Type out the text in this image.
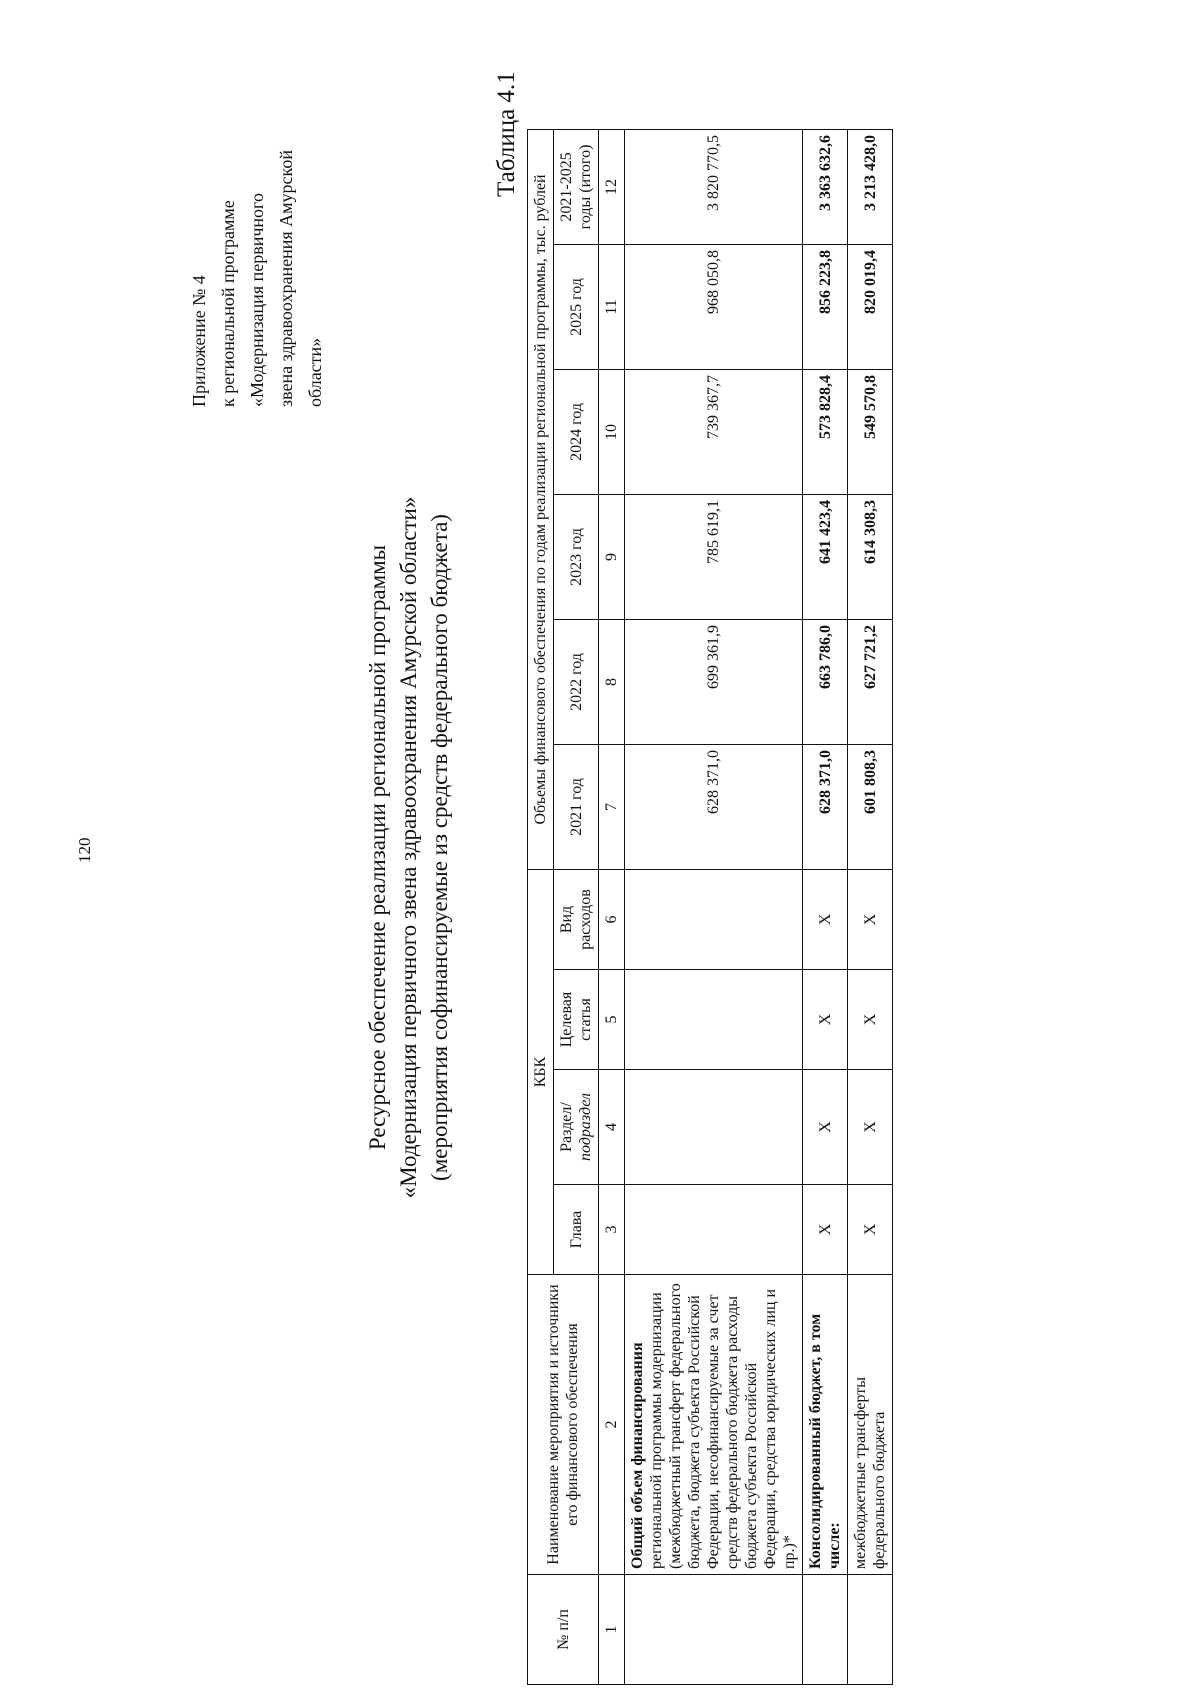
120
Приложение № 4 к региональной программе «Модернизация первичного звена здравоохранения Амурской области»
Ресурсное обеспечение реализации региональной программы «Модернизация первичного звена здравоохранения Амурской области» (мероприятия софинансируемые из средств федерального бюджета)
Таблица 4.1
№ п/п	Наименование мероприятия и источники его финансового обеспечения	КБК				Объемы финансового обеспечения по годам реализации региональной программы, тыс. рублей					
		Глава	Раздел/ подраздел	Целевая статья	Вид расходов	2021 год	2022 год	2023 год	2024 год	2025 год	2021-2025 годы (итого)
1	2	3	4	5	6	7	8	9	10	11	12

	Общий объем финансирования региональной программы модернизации (межбюджетный трансферт федерального бюджета, бюджета субъекта Российской Федерации, несофинансируемые за счет средств федерального бюджета расходы бюджета субъекта Российской Федерации, средства юридических лиц и пр.)*					628 371,0	699 361,9	785 619,1	739 367,7	968 050,8	3 820 770,5
	Консолидированный бюджет, в том числе:	Х	Х	Х	Х	628 371,0	663 786,0	641 423,4	573 828,4	856 223,8	3 363 632,6
	межбюджетные трансферты федерального бюджета	Х	Х	Х	Х	601 808,3	627 721,2	614 308,3	549 570,8	820 019,4	3 213 428,0
